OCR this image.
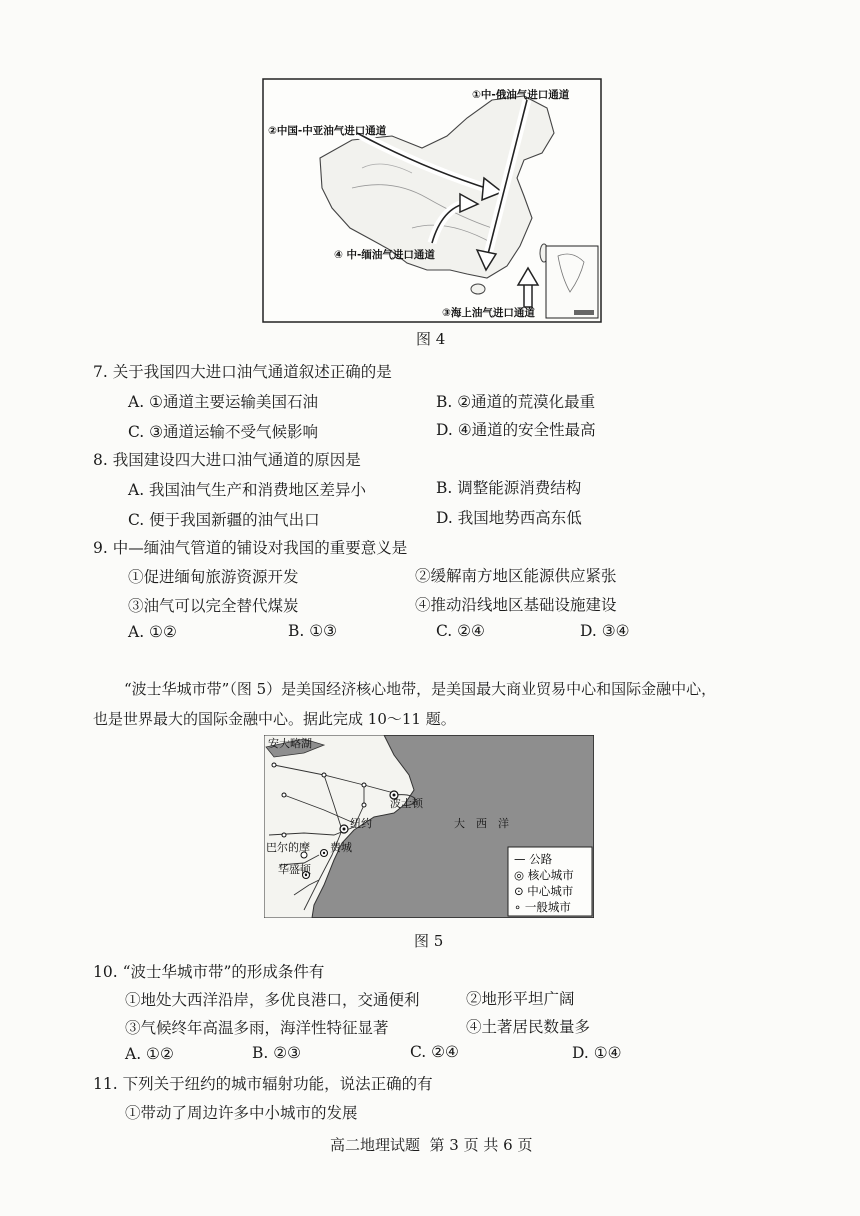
①中-俄油气进口通道
②中国-中亚油气进口通道
④ 中-缅油气进口通道
③海上油气进口通道
图 4
7. 关于我国四大进口油气通道叙述正确的是
A. ①通道主要运输美国石油	B. ②通道的荒漠化最重
C. ③通道运输不受气候影响	D. ④通道的安全性最高
8. 我国建设四大进口油气通道的原因是
A. 我国油气生产和消费地区差异小	B. 调整能源消费结构
C. 便于我国新疆的油气出口	D. 我国地势西高东低
9. 中—缅油气管道的铺设对我国的重要意义是
①促进缅甸旅游资源开发	②缓解南方地区能源供应紧张
③油气可以完全替代煤炭	④推动沿线地区基础设施建设
A. ①②	B. ①③	C. ②④	D. ③④
“波士华城市带”（图 5）是美国经济核心地带，是美国最大商业贸易中心和国际金融中心，
也是世界最大的国际金融中心。据此完成 10～11 题。
安大略湖
波士顿
纽约	大　西　洋
巴尔的摩 费城
华盛顿
— 公路
◎ 核心城市
⊙ 中心城市
∘ 一般城市
图 5
10. “波士华城市带”的形成条件有
①地处大西洋沿岸，多优良港口，交通便利	②地形平坦广阔
③气候终年高温多雨，海洋性特征显著	④土著居民数量多
A. ①②	B. ②③	C. ②④	D. ①④
11. 下列关于纽约的城市辐射功能，说法正确的有
①带动了周边许多中小城市的发展
高二地理试题  第 3 页 共 6 页
